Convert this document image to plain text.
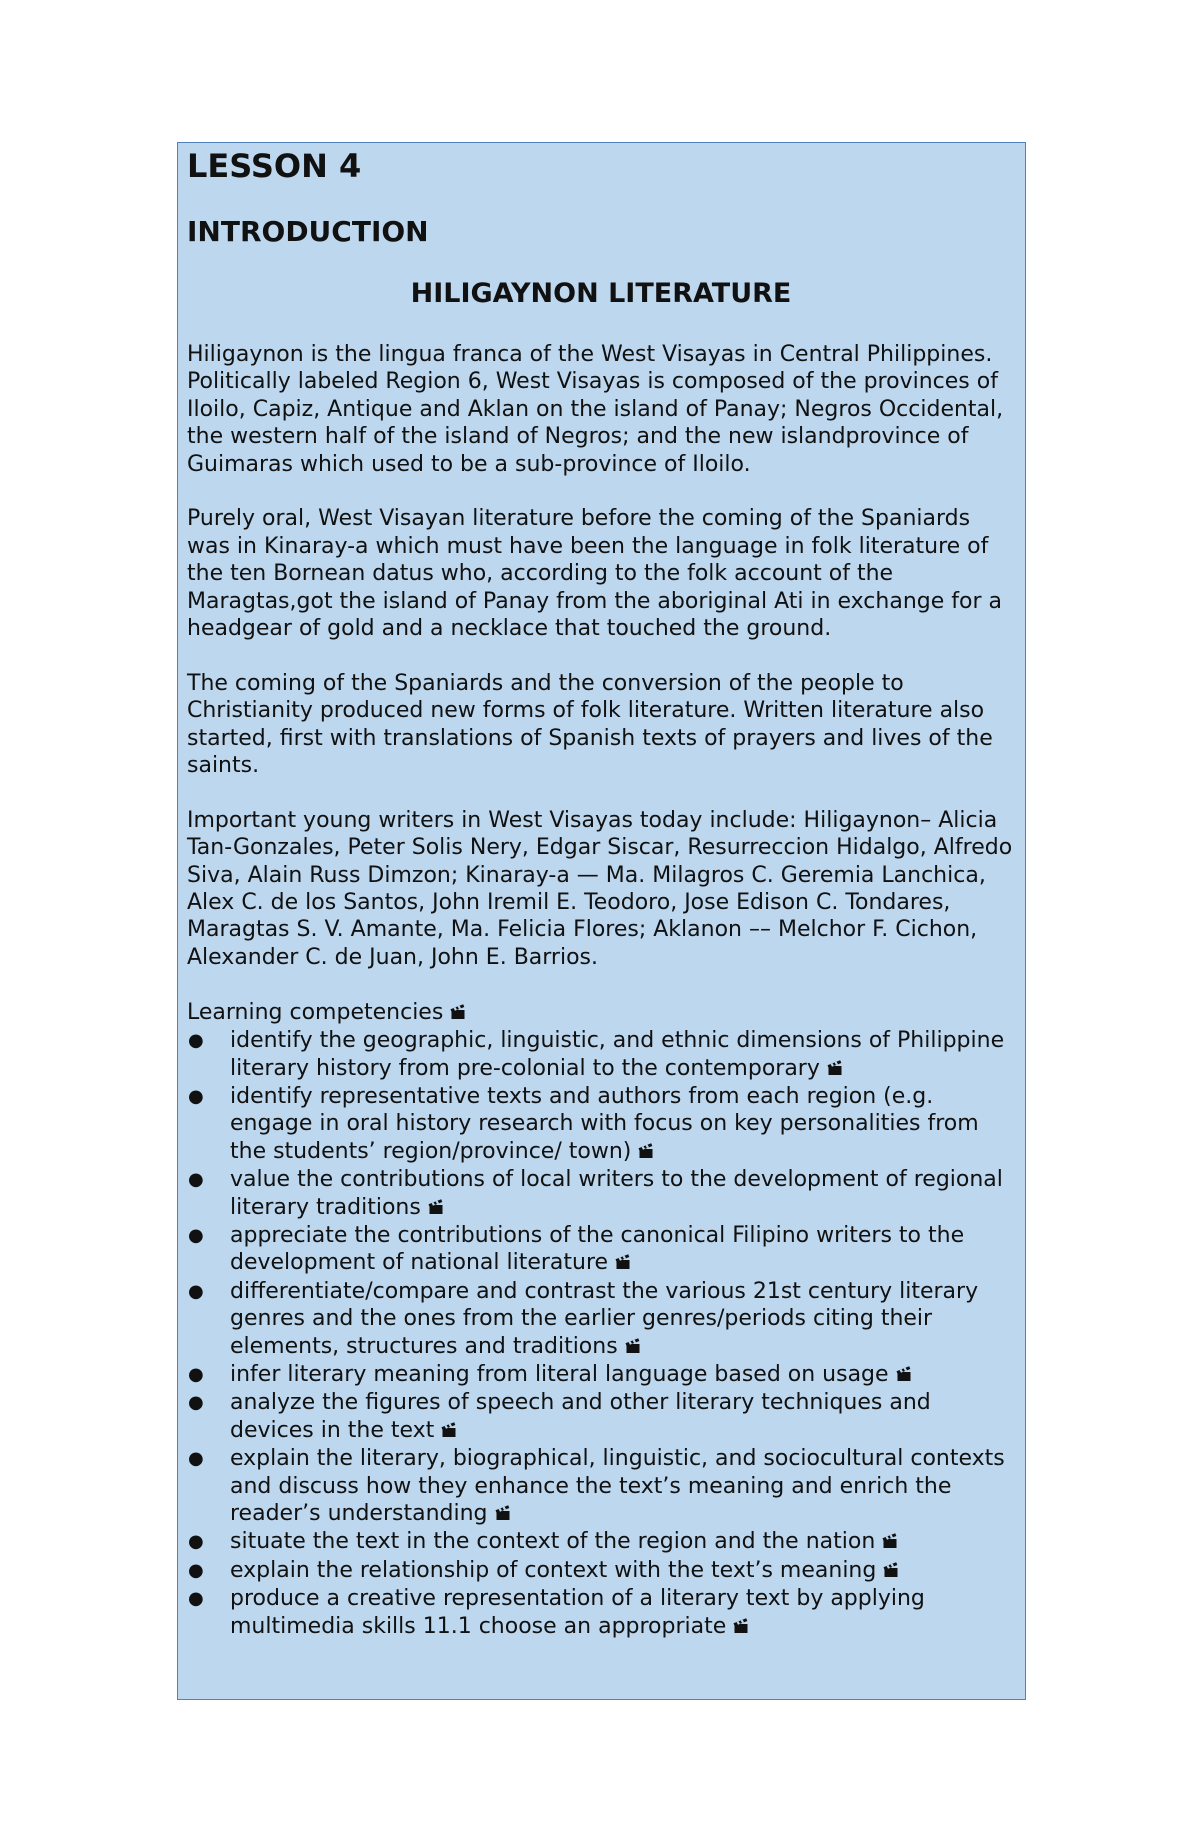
LESSON 4
INTRODUCTION
HILIGAYNON LITERATURE

Hiligaynon is the lingua franca of the West Visayas in Central Philippines. Politically labeled Region 6, West Visayas is composed of the provinces of Iloilo, Capiz, Antique and Aklan on the island of Panay; Negros Occidental, the western half of the island of Negros; and the new islandprovince of Guimaras which used to be a sub-province of Iloilo.

Purely oral, West Visayan literature before the coming of the Spaniards was in Kinaray-a which must have been the language in folk literature of the ten Bornean datus who, according to the folk account of the Maragtas,got the island of Panay from the aboriginal Ati in exchange for a headgear of gold and a necklace that touched the ground.

The coming of the Spaniards and the conversion of the people to Christianity produced new forms of folk literature. Written literature also started, first with translations of Spanish texts of prayers and lives of the saints.

Important young writers in West Visayas today include: Hiligaynon– Alicia Tan-Gonzales, Peter Solis Nery, Edgar Siscar, Resurreccion Hidalgo, Alfredo Siva, Alain Russ Dimzon; Kinaray-a — Ma. Milagros C. Geremia Lanchica, Alex C. de los Santos, John Iremil E. Teodoro, Jose Edison C. Tondares, Maragtas S. V. Amante, Ma. Felicia Flores; Aklanon –– Melchor F. Cichon, Alexander C. de Juan, John E. Barrios.

Learning competencies
● identify the geographic, linguistic, and ethnic dimensions of Philippine literary history from pre-colonial to the contemporary
● identify representative texts and authors from each region (e.g. engage in oral history research with focus on key personalities from the students’ region/province/ town)
● value the contributions of local writers to the development of regional literary traditions
● appreciate the contributions of the canonical Filipino writers to the development of national literature
● differentiate/compare and contrast the various 21st century literary genres and the ones from the earlier genres/periods citing their elements, structures and traditions
● infer literary meaning from literal language based on usage
● analyze the figures of speech and other literary techniques and devices in the text
● explain the literary, biographical, linguistic, and sociocultural contexts and discuss how they enhance the text’s meaning and enrich the reader’s understanding
● situate the text in the context of the region and the nation
● explain the relationship of context with the text’s meaning
● produce a creative representation of a literary text by applying multimedia skills 11.1 choose an appropriate
